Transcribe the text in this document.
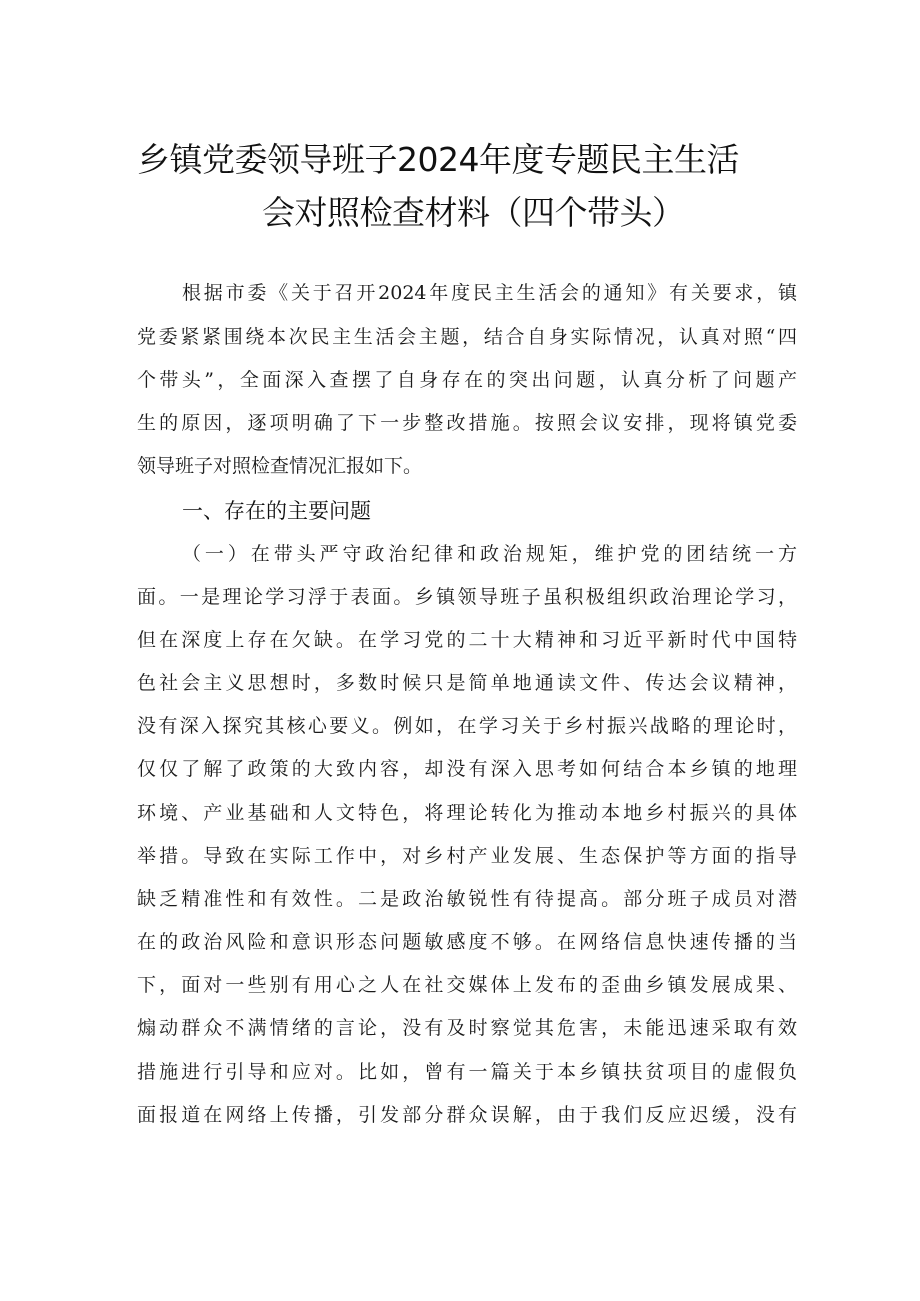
乡镇党委领导班子2024年度专题民主生活
会对照检查材料（四个带头）
根据市委《关于召开2024年度民主生活会的通知》有关要求，镇
党委紧紧围绕本次民主生活会主题，结合自身实际情况，认真对照“四
个带头”，全面深入查摆了自身存在的突出问题，认真分析了问题产
生的原因，逐项明确了下一步整改措施。按照会议安排，现将镇党委
领导班子对照检查情况汇报如下。
一、存在的主要问题
（一）在带头严守政治纪律和政治规矩，维护党的团结统一方
面。一是理论学习浮于表面。乡镇领导班子虽积极组织政治理论学习，
但在深度上存在欠缺。在学习党的二十大精神和习近平新时代中国特
色社会主义思想时，多数时候只是简单地通读文件、传达会议精神，
没有深入探究其核心要义。例如，在学习关于乡村振兴战略的理论时，
仅仅了解了政策的大致内容，却没有深入思考如何结合本乡镇的地理
环境、产业基础和人文特色，将理论转化为推动本地乡村振兴的具体
举措。导致在实际工作中，对乡村产业发展、生态保护等方面的指导
缺乏精准性和有效性。二是政治敏锐性有待提高。部分班子成员对潜
在的政治风险和意识形态问题敏感度不够。在网络信息快速传播的当
下，面对一些别有用心之人在社交媒体上发布的歪曲乡镇发展成果、
煽动群众不满情绪的言论，没有及时察觉其危害，未能迅速采取有效
措施进行引导和应对。比如，曾有一篇关于本乡镇扶贫项目的虚假负
面报道在网络上传播，引发部分群众误解，由于我们反应迟缓，没有
